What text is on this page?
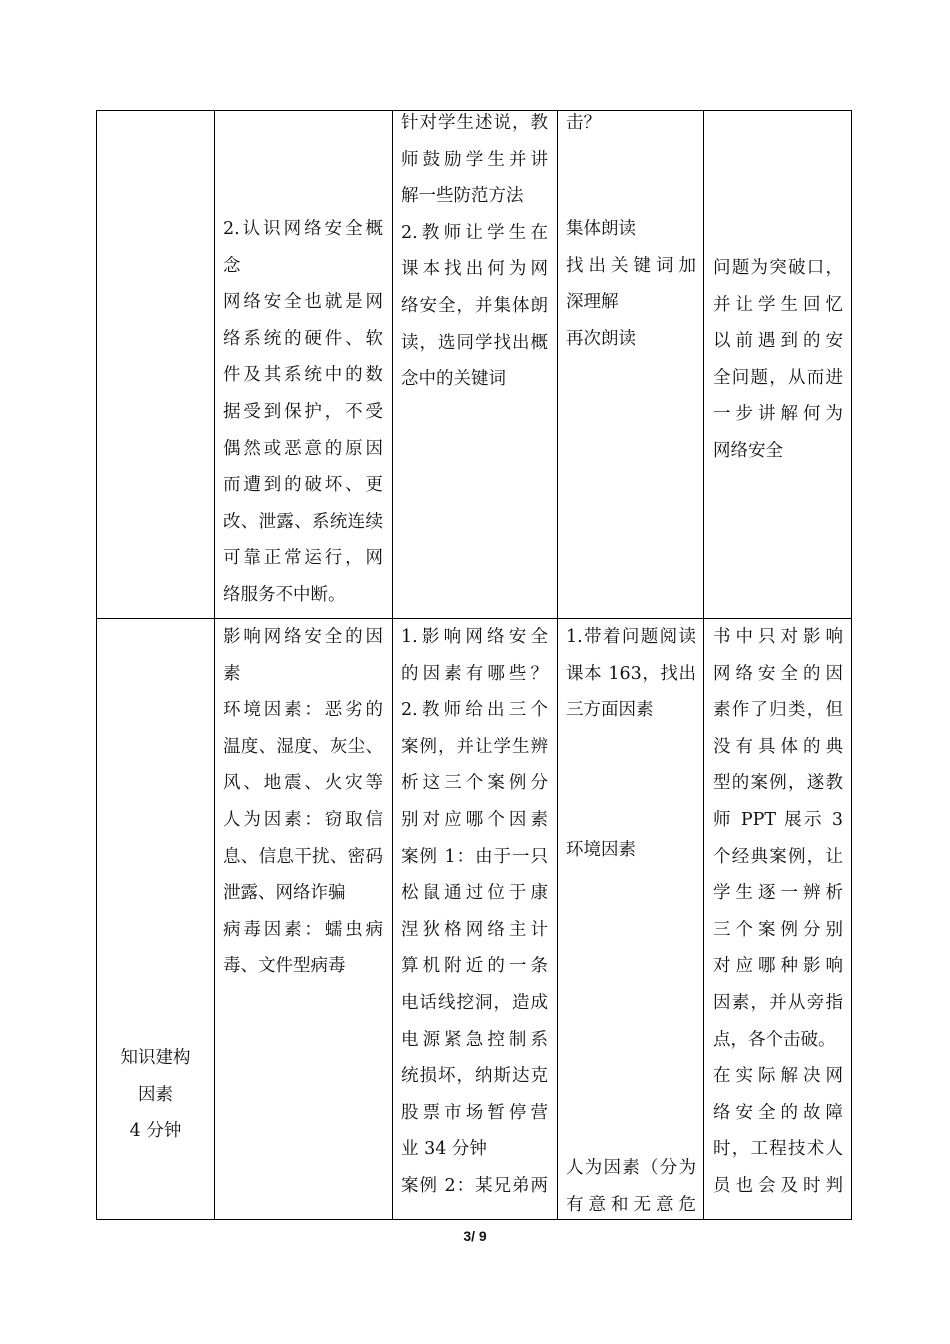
2.认识网络安全概
念
网络安全也就是网
络系统的硬件、软
件及其系统中的数
据受到保护，不受
偶然或恶意的原因
而遭到的破坏、更
改、泄露、系统连续
可靠正常运行，网
络服务不中断。
针对学生述说，教
师鼓励学生并讲
解一些防范方法
2.教师让学生在
课本找出何为网
络安全，并集体朗
读，选同学找出概
念中的关键词
击？
集体朗读
找出关键词加
深理解
再次朗读
问题为突破口，
并让学生回忆
以前遇到的安
全问题，从而进
一步讲解何为
网络安全
知识建构
因素
4 分钟
影响网络安全的因
素
环境因素：恶劣的
温度、湿度、灰尘、
风、地震、火灾等
人为因素：窃取信
息、信息干扰、密码
泄露、网络诈骗
病毒因素：蠕虫病
毒、文件型病毒
1.影响网络安全
的因素有哪些？
2.教师给出三个
案例，并让学生辨
析这三个案例分
别对应哪个因素
案例 1：由于一只
松鼠通过位于康
涅狄格网络主计
算机附近的一条
电话线挖洞，造成
电源紧急控制系
统损坏，纳斯达克
股票市场暂停营
业 34 分钟
案例 2：某兄弟两
1.带着问题阅读
课本 163，找出
三方面因素
环境因素
人为因素（分为
有意和无意危
书中只对影响
网络安全的因
素作了归类，但
没有具体的典
型的案例，遂教
师 PPT 展示 3
个经典案例，让
学生逐一辨析
三个案例分别
对应哪种影响
因素，并从旁指
点，各个击破。
在实际解决网
络安全的故障
时，工程技术人
员也会及时判
3/ 9
